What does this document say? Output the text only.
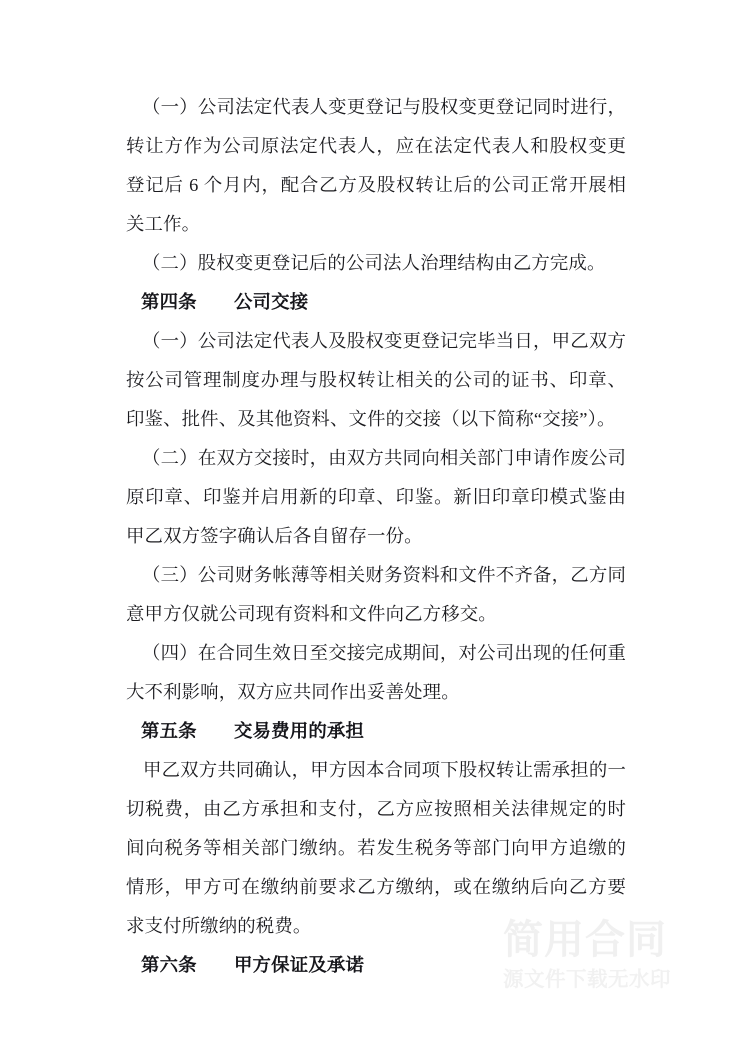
（一）公司法定代表人变更登记与股权变更登记同时进行，转让方作为公司原法定代表人，应在法定代表人和股权变更登记后 6 个月内，配合乙方及股权转让后的公司正常开展相关工作。

（二）股权变更登记后的公司法人治理结构由乙方完成。

第四条　　公司交接

（一）公司法定代表人及股权变更登记完毕当日，甲乙双方按公司管理制度办理与股权转让相关的公司的证书、印章、印鉴、批件、及其他资料、文件的交接（以下简称“交接”）。

（二）在双方交接时，由双方共同向相关部门申请作废公司原印章、印鉴并启用新的印章、印鉴。新旧印章印模式鉴由甲乙双方签字确认后各自留存一份。

（三）公司财务帐薄等相关财务资料和文件不齐备，乙方同意甲方仅就公司现有资料和文件向乙方移交。

（四）在合同生效日至交接完成期间，对公司出现的任何重大不利影响，双方应共同作出妥善处理。

第五条　　交易费用的承担

甲乙双方共同确认，甲方因本合同项下股权转让需承担的一切税费，由乙方承担和支付，乙方应按照相关法律规定的时间向税务等相关部门缴纳。若发生税务等部门向甲方追缴的情形，甲方可在缴纳前要求乙方缴纳，或在缴纳后向乙方要求支付所缴纳的税费。

第六条　　甲方保证及承诺

简用合同
源文件下载无水印
